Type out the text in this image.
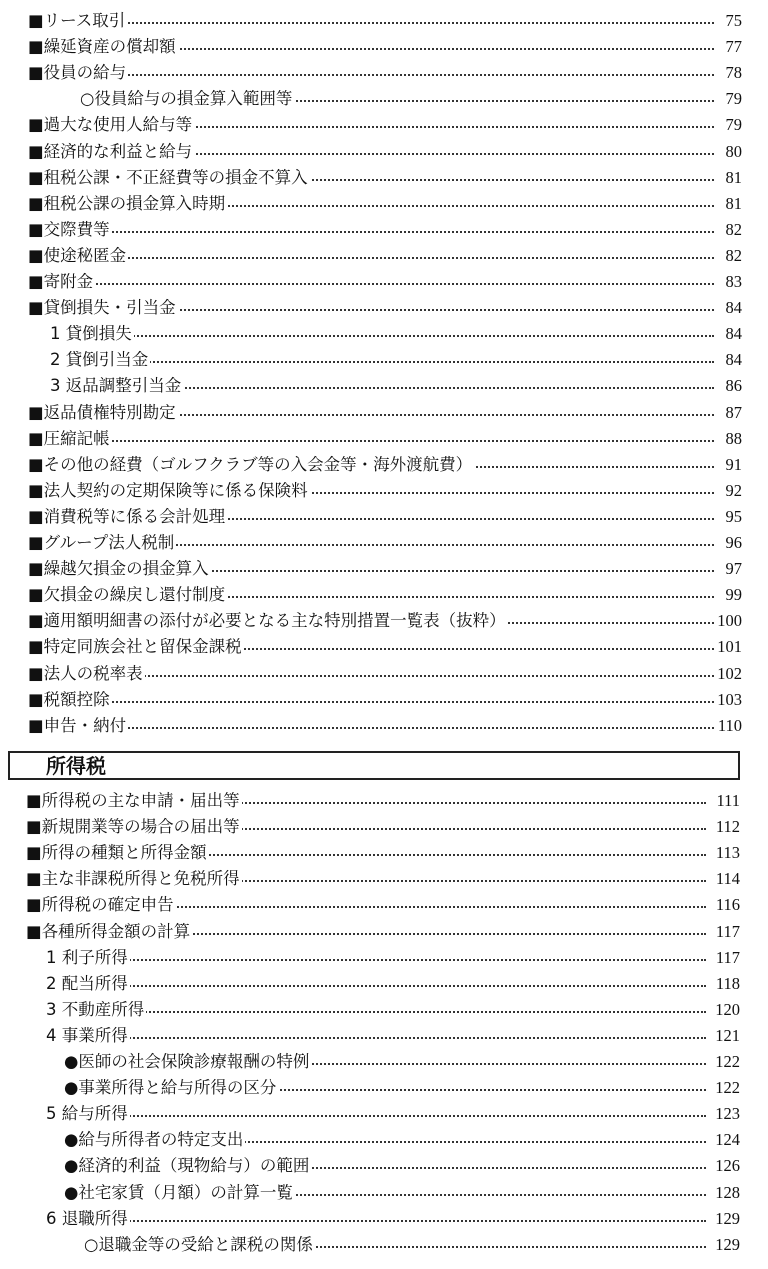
■リース取引	75
■繰延資産の償却額	77
■役員の給与	78
○役員給与の損金算入範囲等	79
■過大な使用人給与等	79
■経済的な利益と給与	80
■租税公課・不正経費等の損金不算入	81
■租税公課の損金算入時期	81
■交際費等	82
■使途秘匿金	82
■寄附金	83
■貸倒損失・引当金	84
1 貸倒損失	84
2 貸倒引当金	84
3 返品調整引当金	86
■返品債権特別勘定	87
■圧縮記帳	88
■その他の経費（ゴルフクラブ等の入会金等・海外渡航費）	91
■法人契約の定期保険等に係る保険料	92
■消費税等に係る会計処理	95
■グループ法人税制	96
■繰越欠損金の損金算入	97
■欠損金の繰戻し還付制度	99
■適用額明細書の添付が必要となる主な特別措置一覧表（抜粋）	100
■特定同族会社と留保金課税	101
■法人の税率表	102
■税額控除	103
■申告・納付	110
所得税
■所得税の主な申請・届出等	111
■新規開業等の場合の届出等	112
■所得の種類と所得金額	113
■主な非課税所得と免税所得	114
■所得税の確定申告	116
■各種所得金額の計算	117
1 利子所得	117
2 配当所得	118
3 不動産所得	120
4 事業所得	121
●医師の社会保険診療報酬の特例	122
●事業所得と給与所得の区分	122
5 給与所得	123
●給与所得者の特定支出	124
●経済的利益（現物給与）の範囲	126
●社宅家賃（月額）の計算一覧	128
6 退職所得	129
○退職金等の受給と課税の関係	129
